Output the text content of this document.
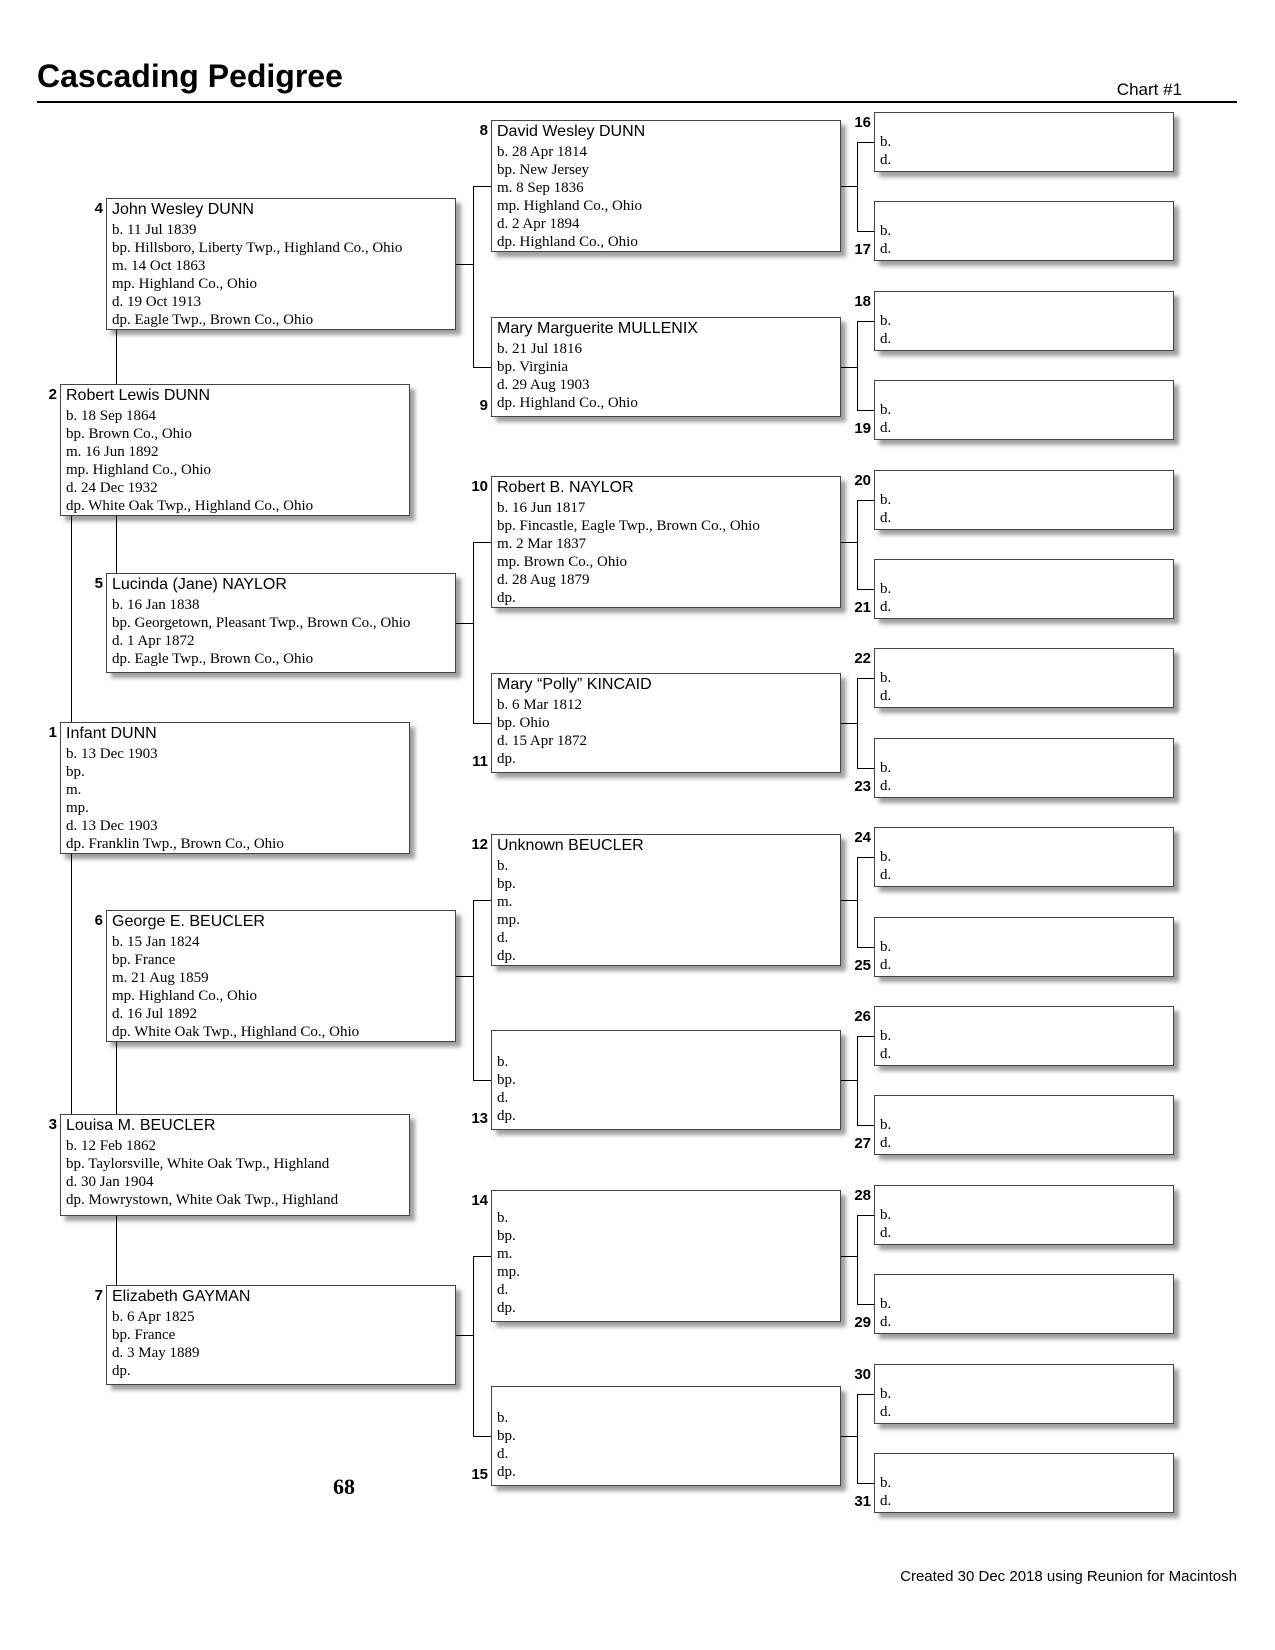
Cascading Pedigree	Chart #1
Infant DUNN
b. 13 Dec 1903
bp.
m.
mp.
d. 13 Dec 1903
dp. Franklin Twp., Brown Co., Ohio
1
Robert Lewis DUNN
b. 18 Sep 1864
bp. Brown Co., Ohio
m. 16 Jun 1892
mp. Highland Co., Ohio
d. 24 Dec 1932
dp. White Oak Twp., Highland Co., Ohio
2
Louisa M. BEUCLER
b. 12 Feb 1862
bp. Taylorsville, White Oak Twp., Highland
d. 30 Jan 1904
dp. Mowrystown, White Oak Twp., Highland
3
John Wesley DUNN
b. 11 Jul 1839
bp. Hillsboro, Liberty Twp., Highland Co., Ohio
m. 14 Oct 1863
mp. Highland Co., Ohio
d. 19 Oct 1913
dp. Eagle Twp., Brown Co., Ohio
4
Lucinda (Jane) NAYLOR
b. 16 Jan 1838
bp. Georgetown, Pleasant Twp., Brown Co., Ohio
d. 1 Apr 1872
dp. Eagle Twp., Brown Co., Ohio
5
George E. BEUCLER
b. 15 Jan 1824
bp. France
m. 21 Aug 1859
mp. Highland Co., Ohio
d. 16 Jul 1892
dp. White Oak Twp., Highland Co., Ohio
6
Elizabeth GAYMAN
b. 6 Apr 1825
bp. France
d. 3 May 1889
dp.
7
David Wesley DUNN
b. 28 Apr 1814
bp. New Jersey
m. 8 Sep 1836
mp. Highland Co., Ohio
d. 2 Apr 1894
dp. Highland Co., Ohio
8
Mary Marguerite MULLENIX
b. 21 Jul 1816
bp. Virginia
d. 29 Aug 1903
dp. Highland Co., Ohio
9
Robert B. NAYLOR
b. 16 Jun 1817
bp. Fincastle, Eagle Twp., Brown Co., Ohio
m. 2 Mar 1837
mp. Brown Co., Ohio
d. 28 Aug 1879
dp.
10
Mary “Polly” KINCAID
b. 6 Mar 1812
bp. Ohio
d. 15 Apr 1872
dp.
11
Unknown BEUCLER
b.
bp.
m.
mp.
d.
dp.
12
b.
bp.
d.
dp.
13
b.
bp.
m.
mp.
d.
dp.
14
b.
bp.
d.
dp.
15
b.
d.
16
b.
d.
17
b.
d.
18
b.
d.
19
b.
d.
20
b.
d.
21
b.
d.
22
b.
d.
23
b.
d.
24
b.
d.
25
b.
d.
26
b.
d.
27
b.
d.
28
b.
d.
29
b.
d.
30
b.
d.
31
68
Created 30 Dec 2018 using Reunion for Macintosh
